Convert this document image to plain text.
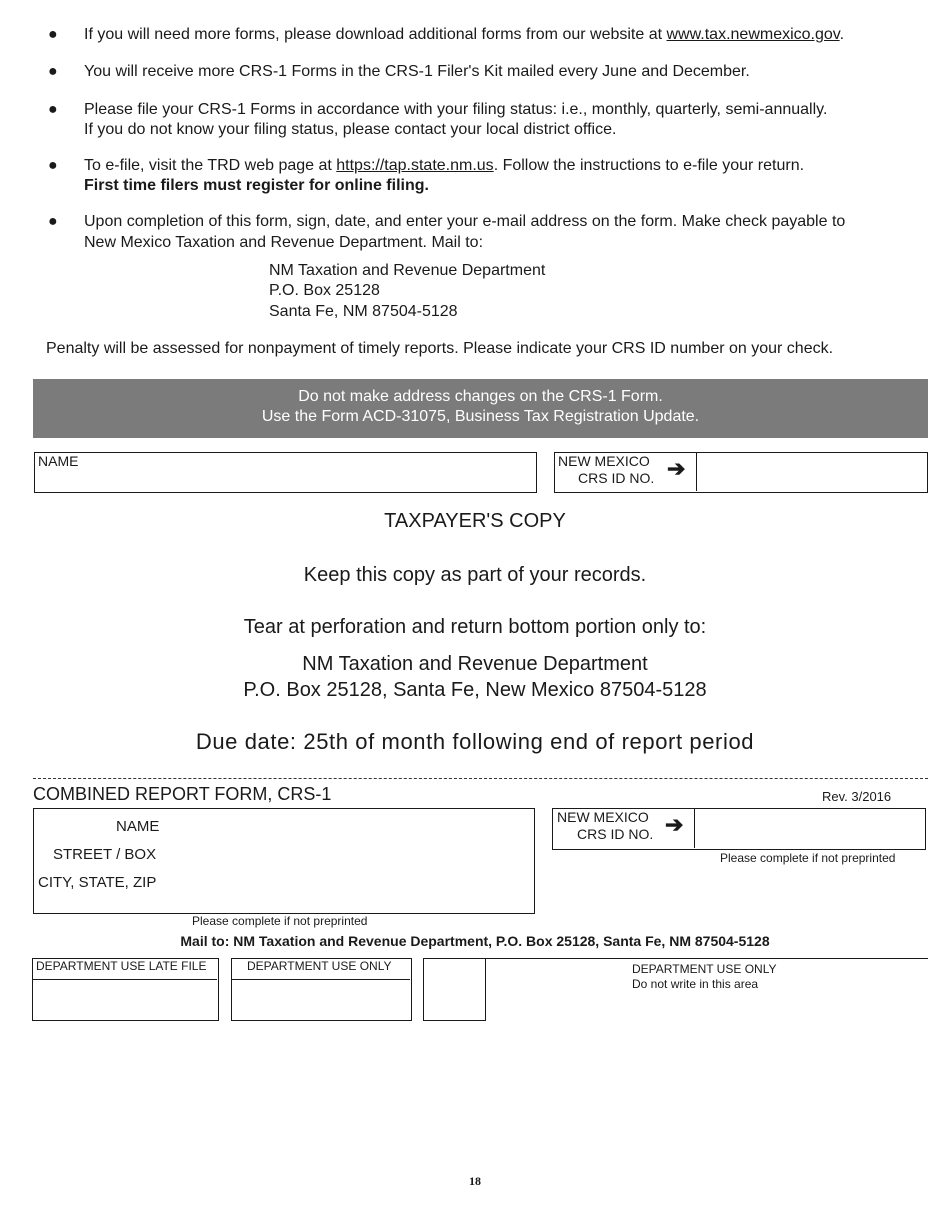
● If you will need more forms, please download additional forms from our website at www.tax.newmexico.gov.
● You will receive more CRS-1 Forms in the CRS-1 Filer's Kit mailed every June and December.
● Please file your CRS-1 Forms in accordance with your filing status: i.e., monthly, quarterly, semi-annually.
If you do not know your filing status, please contact your local district office.
● To e-file, visit the TRD web page at https://tap.state.nm.us. Follow the instructions to e-file your return.
First time filers must register for online filing.
● Upon completion of this form, sign, date, and enter your e-mail address on the form. Make check payable to
New Mexico Taxation and Revenue Department. Mail to:
NM Taxation and Revenue Department
P.O. Box 25128
Santa Fe, NM 87504-5128
Penalty will be assessed for nonpayment of timely reports. Please indicate your CRS ID number on your check.
Do not make address changes on the CRS-1 Form.
Use the Form ACD-31075, Business Tax Registration Update.
NAME	NEW MEXICO
CRS ID NO. ➔
TAXPAYER'S COPY
Keep this copy as part of your records.
Tear at perforation and return bottom portion only to:
NM Taxation and Revenue Department
P.O. Box 25128, Santa Fe, New Mexico 87504-5128
Due date: 25th of month following end of report period
COMBINED REPORT FORM, CRS-1	Rev. 3/2016
NAME
STREET / BOX
CITY, STATE, ZIP
Please complete if not preprinted
NEW MEXICO
CRS ID NO. ➔
Please complete if not preprinted
Mail to: NM Taxation and Revenue Department, P.O. Box 25128, Santa Fe, NM 87504-5128
DEPARTMENT USE LATE FILE	DEPARTMENT USE ONLY	DEPARTMENT USE ONLY
Do not write in this area
18
